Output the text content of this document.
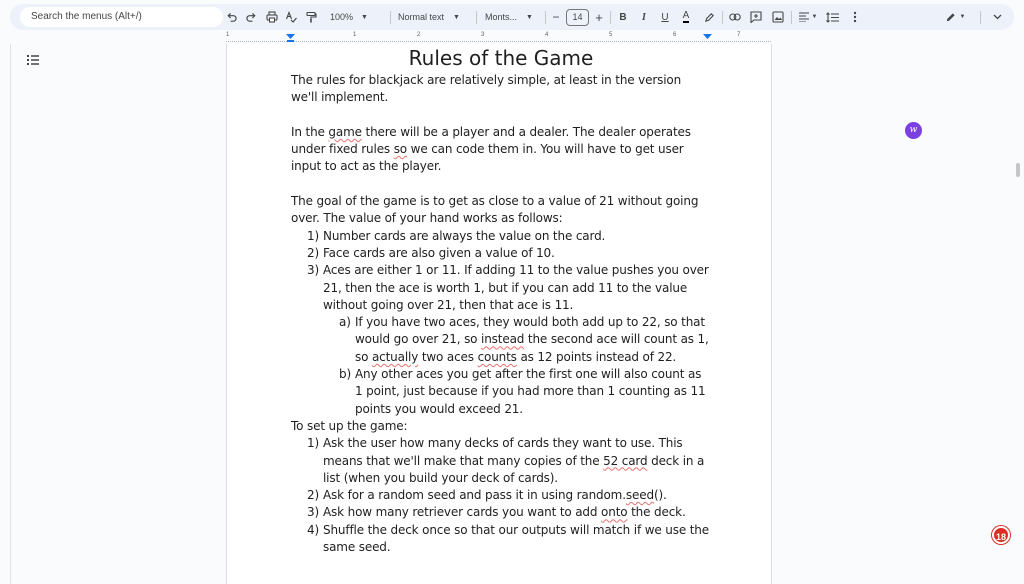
Search the menus (Alt+/)	100% ▼	Normal text ▼	Monts... ▼ −	14 +	B	I	U	A	▼	▼
1	1	2	3	4	5	6	7
Rules of the Game

The rules for blackjack are relatively simple, at least in the version we'll implement.

In the game there will be a player and a dealer. The dealer operates under fixed rules so we can code them in. You will have to get user input to act as the player.

The goal of the game is to get as close to a value of 21 without going over. The value of your hand works as follows:

1) Number cards are always the value on the card.
2) Face cards are also given a value of 10.
3) Aces are either 1 or 11. If adding 11 to the value pushes you over 21, then the ace is worth 1, but if you can add 11 to the value without going over 21, then that ace is 11.
a) If you have two aces, they would both add up to 22, so that would go over 21, so instead the second ace will count as 1, so actually two aces counts as 12 points instead of 22.
b) Any other aces you get after the first one will also count as 1 point, just because if you had more than 1 counting as 11 points you would exceed 21.

To set up the game:

1) Ask the user how many decks of cards they want to use. This means that we'll make that many copies of the 52 card deck in a list (when you build your deck of cards).
2) Ask for a random seed and pass it in using random.seed().
3) Ask how many retriever cards you want to add onto the deck.
4) Shuffle the deck once so that our outputs will match if we use the same seed.
w
18
